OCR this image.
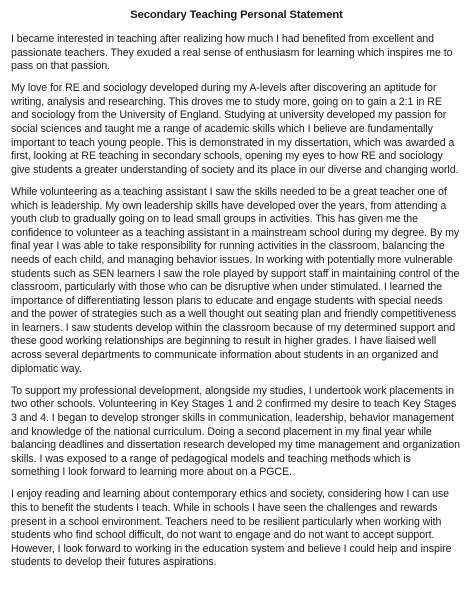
Secondary Teaching Personal Statement

I became interested in teaching after realizing how much I had benefited from excellent and passionate teachers. They exuded a real sense of enthusiasm for learning which inspires me to pass on that passion.

My love for RE and sociology developed during my A-levels after discovering an aptitude for writing, analysis and researching. This droves me to study more, going on to gain a 2:1 in RE and sociology from the University of England. Studying at university developed my passion for social sciences and taught me a range of academic skills which I believe are fundamentally important to teach young people. This is demonstrated in my dissertation, which was awarded a first, looking at RE teaching in secondary schools, opening my eyes to how RE and sociology give students a greater understanding of society and its place in our diverse and changing world.

While volunteering as a teaching assistant I saw the skills needed to be a great teacher one of which is leadership. My own leadership skills have developed over the years, from attending a youth club to gradually going on to lead small groups in activities. This has given me the confidence to volunteer as a teaching assistant in a mainstream school during my degree. By my final year I was able to take responsibility for running activities in the classroom, balancing the needs of each child, and managing behavior issues. In working with potentially more vulnerable students such as SEN learners I saw the role played by support staff in maintaining control of the classroom, particularly with those who can be disruptive when under stimulated. I learned the importance of differentiating lesson plans to educate and engage students with special needs and the power of strategies such as a well thought out seating plan and friendly competitiveness in learners. I saw students develop within the classroom because of my determined support and these good working relationships are beginning to result in higher grades. I have liaised well across several departments to communicate information about students in an organized and diplomatic way.

To support my professional development, alongside my studies, I undertook work placements in two other schools. Volunteering in Key Stages 1 and 2 confirmed my desire to teach Key Stages 3 and 4. I began to develop stronger skills in communication, leadership, behavior management and knowledge of the national curriculum. Doing a second placement in my final year while balancing deadlines and dissertation research developed my time management and organization skills. I was exposed to a range of pedagogical models and teaching methods which is something I look forward to learning more about on a PGCE.

I enjoy reading and learning about contemporary ethics and society, considering how I can use this to benefit the students I teach. While in schools I have seen the challenges and rewards present in a school environment. Teachers need to be resilient particularly when working with students who find school difficult, do not want to engage and do not want to accept support. However, I look forward to working in the education system and believe I could help and inspire students to develop their futures aspirations.
